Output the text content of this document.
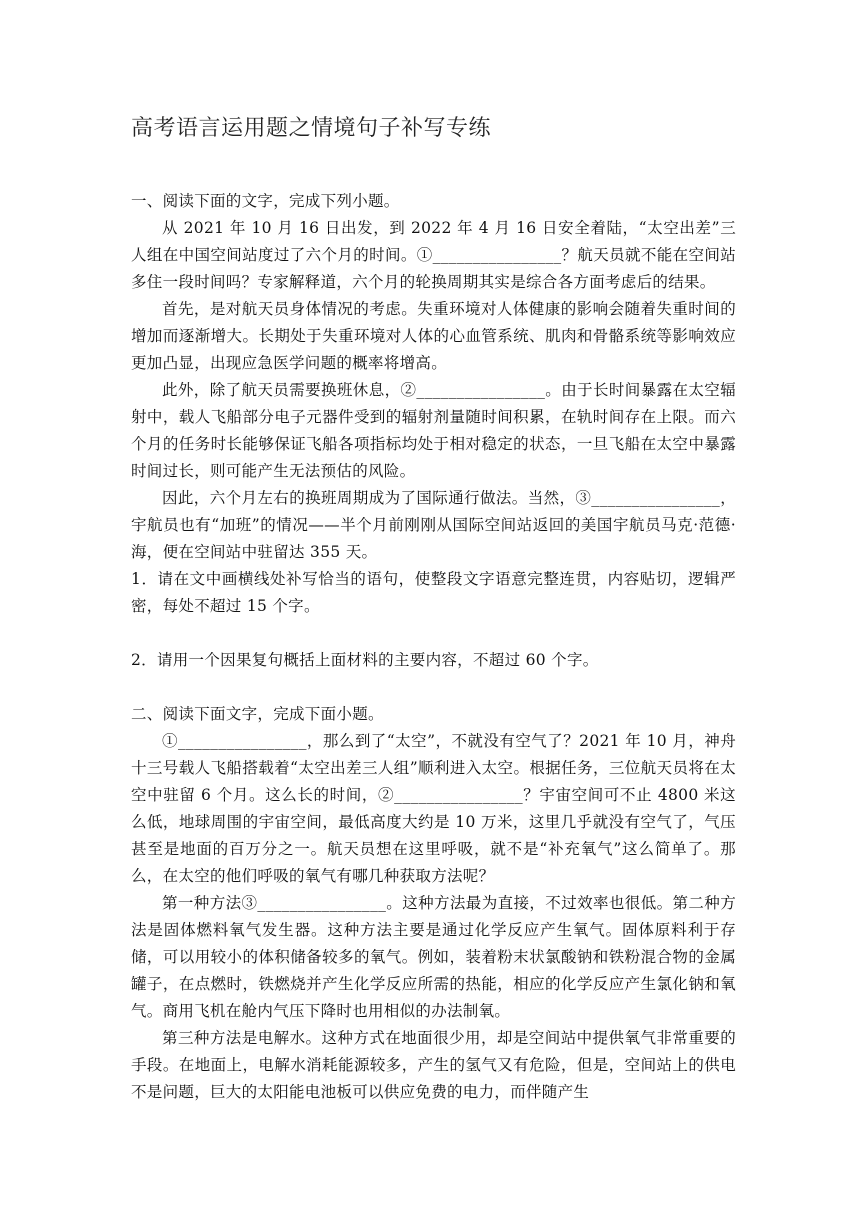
高考语言运用题之情境句子补写专练

一、阅读下面的文字，完成下列小题。

从 2021 年 10 月 16 日出发，到 2022 年 4 月 16 日安全着陆，“太空出差”三人组在中国空间站度过了六个月的时间。①________________？航天员就不能在空间站多住一段时间吗？专家解释道，六个月的轮换周期其实是综合各方面考虑后的结果。

首先，是对航天员身体情况的考虑。失重环境对人体健康的影响会随着失重时间的增加而逐渐增大。长期处于失重环境对人体的心血管系统、肌肉和骨骼系统等影响效应更加凸显，出现应急医学问题的概率将增高。

此外，除了航天员需要换班休息，②________________。由于长时间暴露在太空辐射中，载人飞船部分电子元器件受到的辐射剂量随时间积累，在轨时间存在上限。而六个月的任务时长能够保证飞船各项指标均处于相对稳定的状态，一旦飞船在太空中暴露时间过长，则可能产生无法预估的风险。

因此，六个月左右的换班周期成为了国际通行做法。当然，③________________，宇航员也有“加班”的情况——半个月前刚刚从国际空间站返回的美国宇航员马克·范德·海，便在空间站中驻留达 355 天。

1．请在文中画横线处补写恰当的语句，使整段文字语意完整连贯，内容贴切，逻辑严密，每处不超过 15 个字。

2．请用一个因果复句概括上面材料的主要内容，不超过 60 个字。

二、阅读下面文字，完成下面小题。

①________________，那么到了“太空”，不就没有空气了？2021 年 10 月，神舟十三号载人飞船搭载着“太空出差三人组”顺利进入太空。根据任务，三位航天员将在太空中驻留 6 个月。这么长的时间，②________________？宇宙空间可不止 4800 米这么低，地球周围的宇宙空间，最低高度大约是 10 万米，这里几乎就没有空气了，气压甚至是地面的百万分之一。航天员想在这里呼吸，就不是“补充氧气”这么简单了。那么，在太空的他们呼吸的氧气有哪几种获取方法呢？

第一种方法③________________。这种方法最为直接，不过效率也很低。第二种方法是固体燃料氧气发生器。这种方法主要是通过化学反应产生氧气。固体原料利于存储，可以用较小的体积储备较多的氧气。例如，装着粉末状氯酸钠和铁粉混合物的金属罐子，在点燃时，铁燃烧并产生化学反应所需的热能，相应的化学反应产生氯化钠和氧气。商用飞机在舱内气压下降时也用相似的办法制氧。

第三种方法是电解水。这种方式在地面很少用，却是空间站中提供氧气非常重要的手段。在地面上，电解水消耗能源较多，产生的氢气又有危险，但是，空间站上的供电不是问题，巨大的太阳能电池板可以供应免费的电力，而伴随产生
